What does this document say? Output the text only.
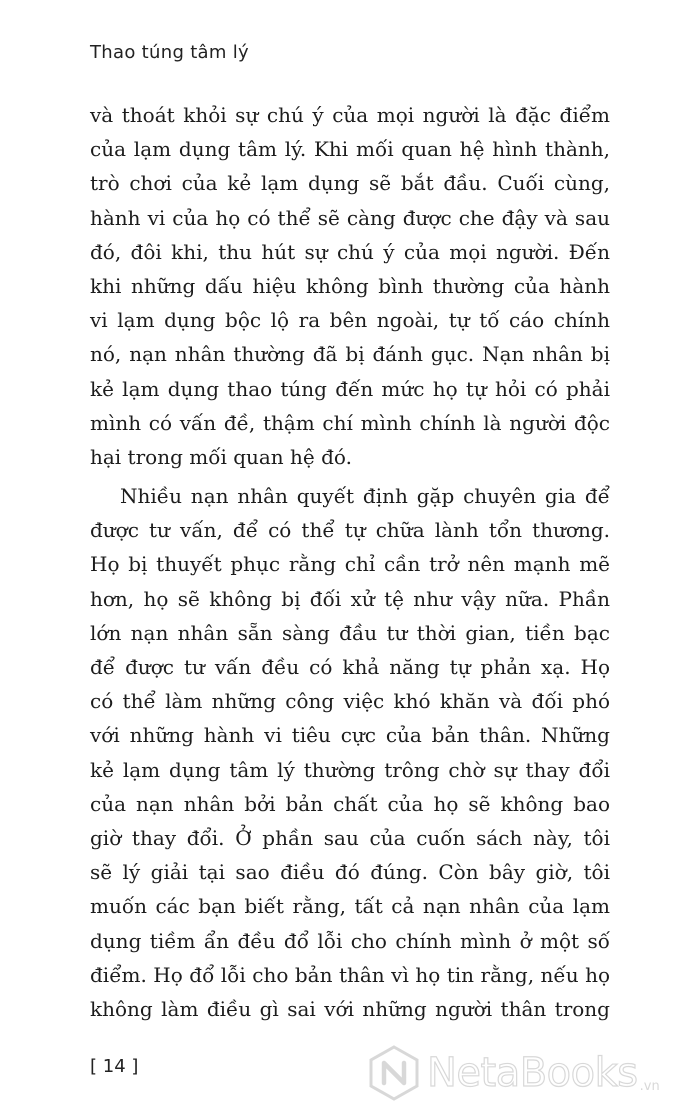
Thao túng tâm lý

và thoát khỏi sự chú ý của mọi người là đặc điểm
của lạm dụng tâm lý. Khi mối quan hệ hình thành,
trò chơi của kẻ lạm dụng sẽ bắt đầu. Cuối cùng,
hành vi của họ có thể sẽ càng được che đậy và sau
đó, đôi khi, thu hút sự chú ý của mọi người. Đến
khi những dấu hiệu không bình thường của hành
vi lạm dụng bộc lộ ra bên ngoài, tự tố cáo chính
nó, nạn nhân thường đã bị đánh gục. Nạn nhân bị
kẻ lạm dụng thao túng đến mức họ tự hỏi có phải
mình có vấn đề, thậm chí mình chính là người độc
hại trong mối quan hệ đó.

Nhiều nạn nhân quyết định gặp chuyên gia để
được tư vấn, để có thể tự chữa lành tổn thương.
Họ bị thuyết phục rằng chỉ cần trở nên mạnh mẽ
hơn, họ sẽ không bị đối xử tệ như vậy nữa. Phần
lớn nạn nhân sẵn sàng đầu tư thời gian, tiền bạc
để được tư vấn đều có khả năng tự phản xạ. Họ
có thể làm những công việc khó khăn và đối phó
với những hành vi tiêu cực của bản thân. Những
kẻ lạm dụng tâm lý thường trông chờ sự thay đổi
của nạn nhân bởi bản chất của họ sẽ không bao
giờ thay đổi. Ở phần sau của cuốn sách này, tôi
sẽ lý giải tại sao điều đó đúng. Còn bây giờ, tôi
muốn các bạn biết rằng, tất cả nạn nhân của lạm
dụng tiềm ẩn đều đổ lỗi cho chính mình ở một số
điểm. Họ đổ lỗi cho bản thân vì họ tin rằng, nếu họ
không làm điều gì sai với những người thân trong

[ 14 ]	NetaBooks .vn
